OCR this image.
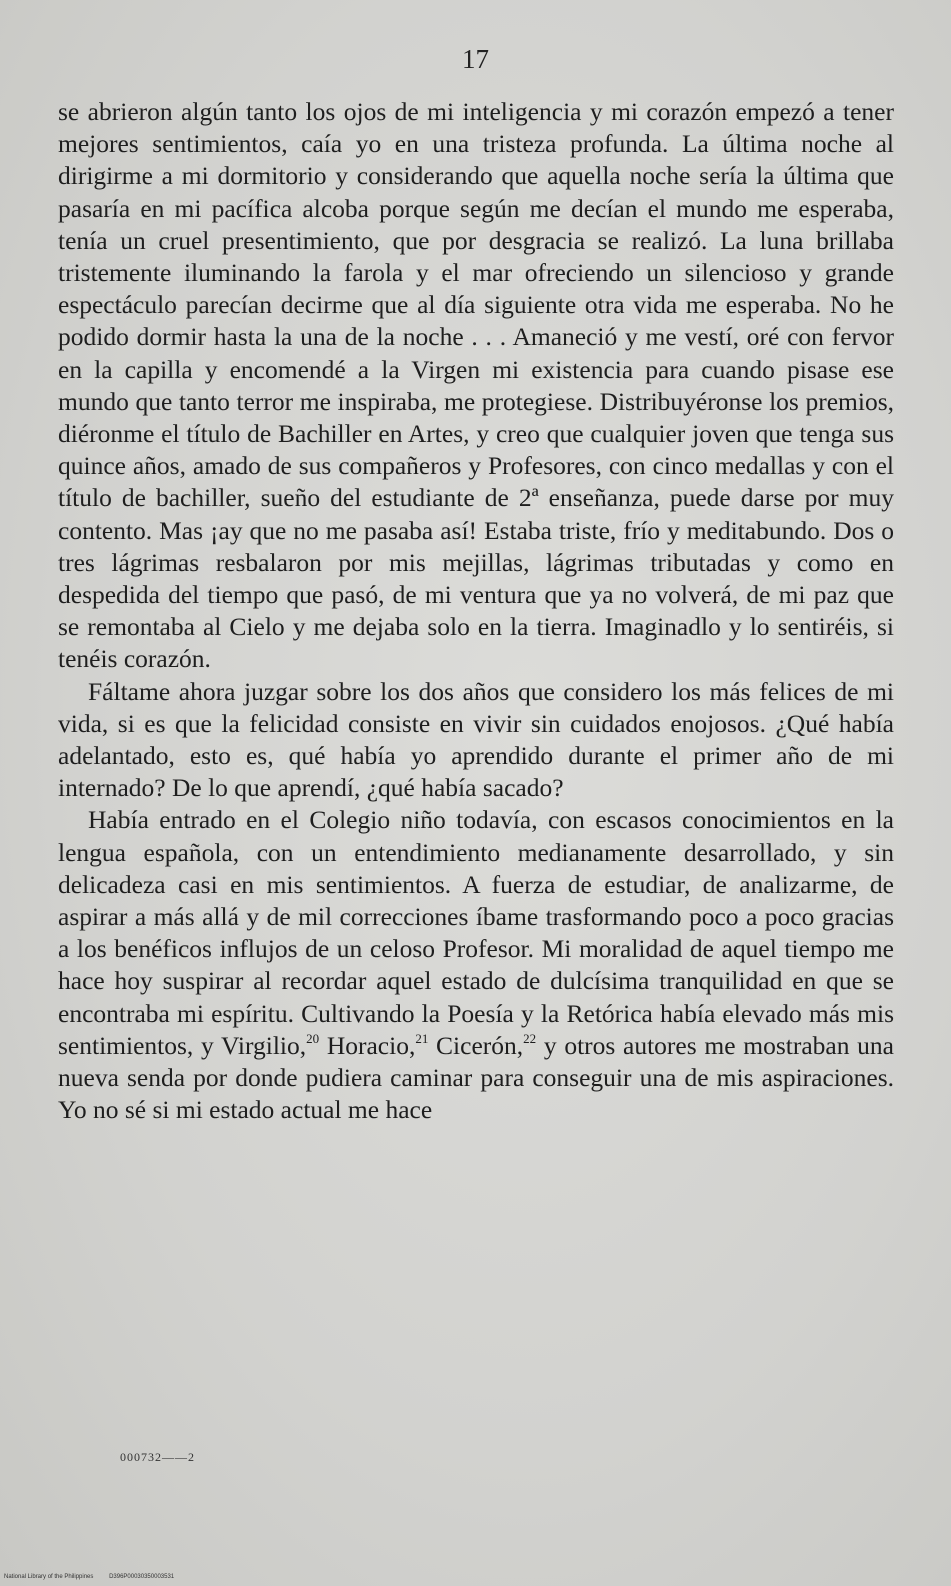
17

se abrieron algún tanto los ojos de mi inteligencia y mi corazón empezó a tener mejores sentimientos, caía yo en una tristeza profunda. La última noche al dirigirme a mi dormitorio y considerando que aquella noche sería la última que pasaría en mi pacífica alcoba porque según me decían el mundo me esperaba, tenía un cruel presentimiento, que por desgracia se realizó. La luna brillaba tristemente iluminando la farola y el mar ofreciendo un silencioso y grande espectáculo parecían decirme que al día siguiente otra vida me esperaba. No he podido dormir hasta la una de la noche . . . Amaneció y me vestí, oré con fervor en la capilla y encomendé a la Virgen mi existencia para cuando pisase ese mundo que tanto terror me inspiraba, me protegiese. Distribuyéronse los premios, diéronme el título de Bachiller en Artes, y creo que cualquier joven que tenga sus quince años, amado de sus compañeros y Profesores, con cinco medallas y con el título de bachiller, sueño del estudiante de 2ª enseñanza, puede darse por muy contento. Mas ¡ay que no me pasaba así! Estaba triste, frío y meditabundo. Dos o tres lágrimas resbalaron por mis mejillas, lágrimas tributadas y como en despedida del tiempo que pasó, de mi ventura que ya no volverá, de mi paz que se remontaba al Cielo y me dejaba solo en la tierra. Imaginadlo y lo sentiréis, si tenéis corazón.

Fáltame ahora juzgar sobre los dos años que considero los más felices de mi vida, si es que la felicidad consiste en vivir sin cuidados enojosos. ¿Qué había adelantado, esto es, qué había yo aprendido durante el primer año de mi internado? De lo que aprendí, ¿qué había sacado?

Había entrado en el Colegio niño todavía, con escasos conocimientos en la lengua española, con un entendimiento medianamente desarrollado, y sin delicadeza casi en mis sentimientos. A fuerza de estudiar, de analizarme, de aspirar a más allá y de mil correcciones íbame trasformando poco a poco gracias a los benéficos influjos de un celoso Profesor. Mi moralidad de aquel tiempo me hace hoy suspirar al recordar aquel estado de dulcísima tranquilidad en que se encontraba mi espíritu. Cultivando la Poesía y la Retórica había elevado más mis sentimientos, y Virgilio,$^{20}$ Horacio,$^{21}$ Cicerón,$^{22}$ y otros autores me mostraban una nueva senda por donde pudiera caminar para conseguir una de mis aspiraciones. Yo no sé si mi estado actual me hace

000732——2
National Library of the Philippines	D396P00030350003531
